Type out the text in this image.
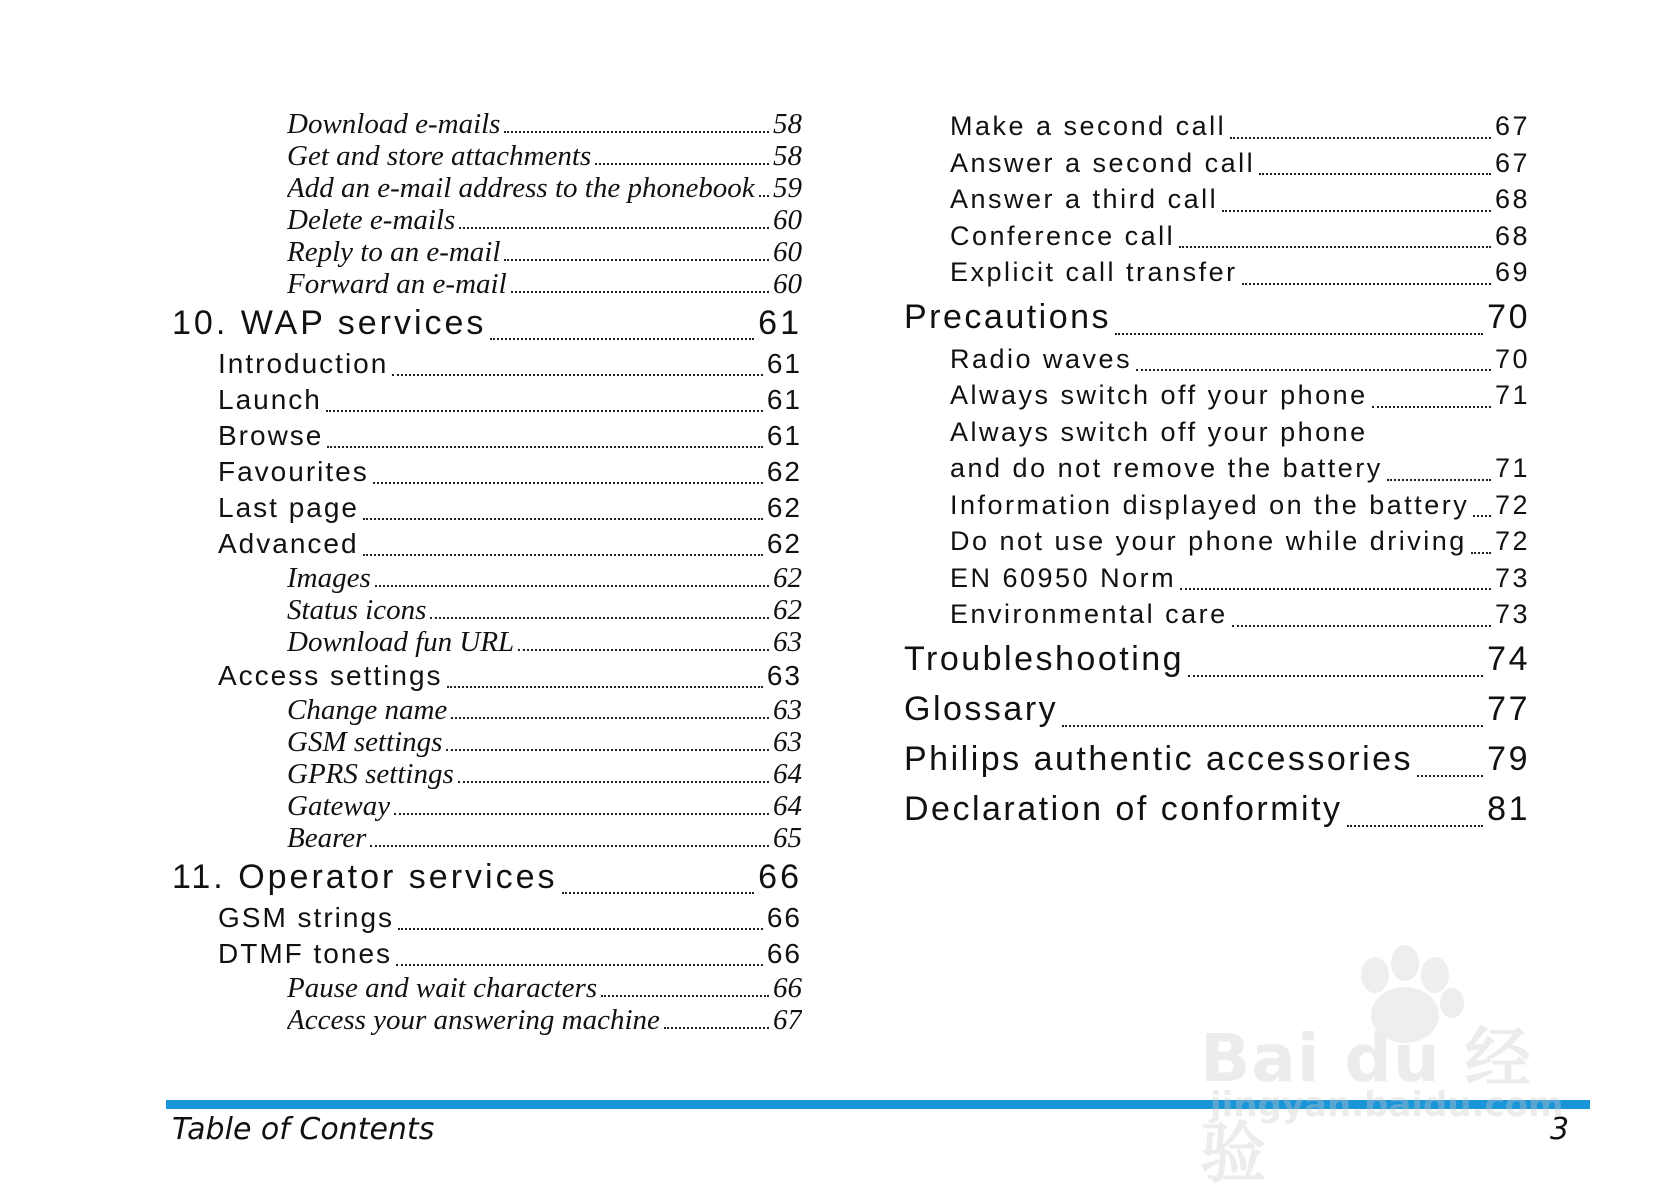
Download e-mails	58
Get and store attachments	58
Add an e-mail address to the phonebook 59
Delete e-mails	60
Reply to an e-mail	60
Forward an e-mail	60
10. WAP services	61
Introduction	61
Launch	61
Browse	61
Favourites	62
Last page	62
Advanced	62
Images	62
Status icons	62
Download fun URL	63
Access settings	63
Change name	63
GSM settings	63
GPRS settings	64
Gateway	64
Bearer	65
11. Operator services	66
GSM strings	66
DTMF tones	66
Pause and wait characters	66
Access your answering machine	67
Make a second call	67
Answer a second call	67
Answer a third call	68
Conference call	68
Explicit call transfer	69
Precautions	70
Radio waves	70
Always switch off your phone	71
Always switch off your phone
and do not remove the battery	71
Information displayed on the battery 72
Do not use your phone while driving 72
EN 60950 Norm	73
Environmental care	73
Troubleshooting	74
Glossary	77
Philips authentic accessories 79
Declaration of conformity	81
Table of Contents	3
Bai du 经验
jingyan.baidu.com
